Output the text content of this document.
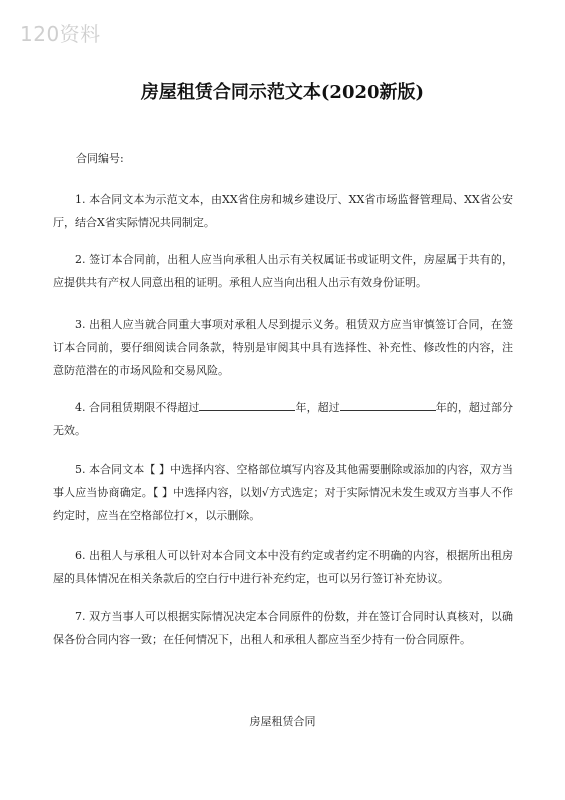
120资料
房屋租赁合同示范文本(2020新版)
合同编号:

1. 本合同文本为示范文本，由XX省住房和城乡建设厅、XX省市场监督管理局、XX省公安厅，结合X省实际情况共同制定。

2. 签订本合同前，出租人应当向承租人出示有关权属证书或证明文件，房屋属于共有的，应提供共有产权人同意出租的证明。承租人应当向出租人出示有效身份证明。

3. 出租人应当就合同重大事项对承租人尽到提示义务。租赁双方应当审慎签订合同，在签订本合同前，要仔细阅读合同条款，特别是审阅其中具有选择性、补充性、修改性的内容，注意防范潜在的市场风险和交易风险。

4. 合同租赁期限不得超过	年，超过	年的，超过部分无效。

5. 本合同文本【 】中选择内容、空格部位填写内容及其他需要删除或添加的内容，双方当事人应当协商确定。【 】中选择内容，以划√方式选定；对于实际情况未发生或双方当事人不作约定时，应当在空格部位打×，以示删除。

6. 出租人与承租人可以针对本合同文本中没有约定或者约定不明确的内容，根据所出租房屋的具体情况在相关条款后的空白行中进行补充约定，也可以另行签订补充协议。

7. 双方当事人可以根据实际情况决定本合同原件的份数，并在签订合同时认真核对，以确保各份合同内容一致；在任何情况下，出租人和承租人都应当至少持有一份合同原件。

房屋租赁合同
